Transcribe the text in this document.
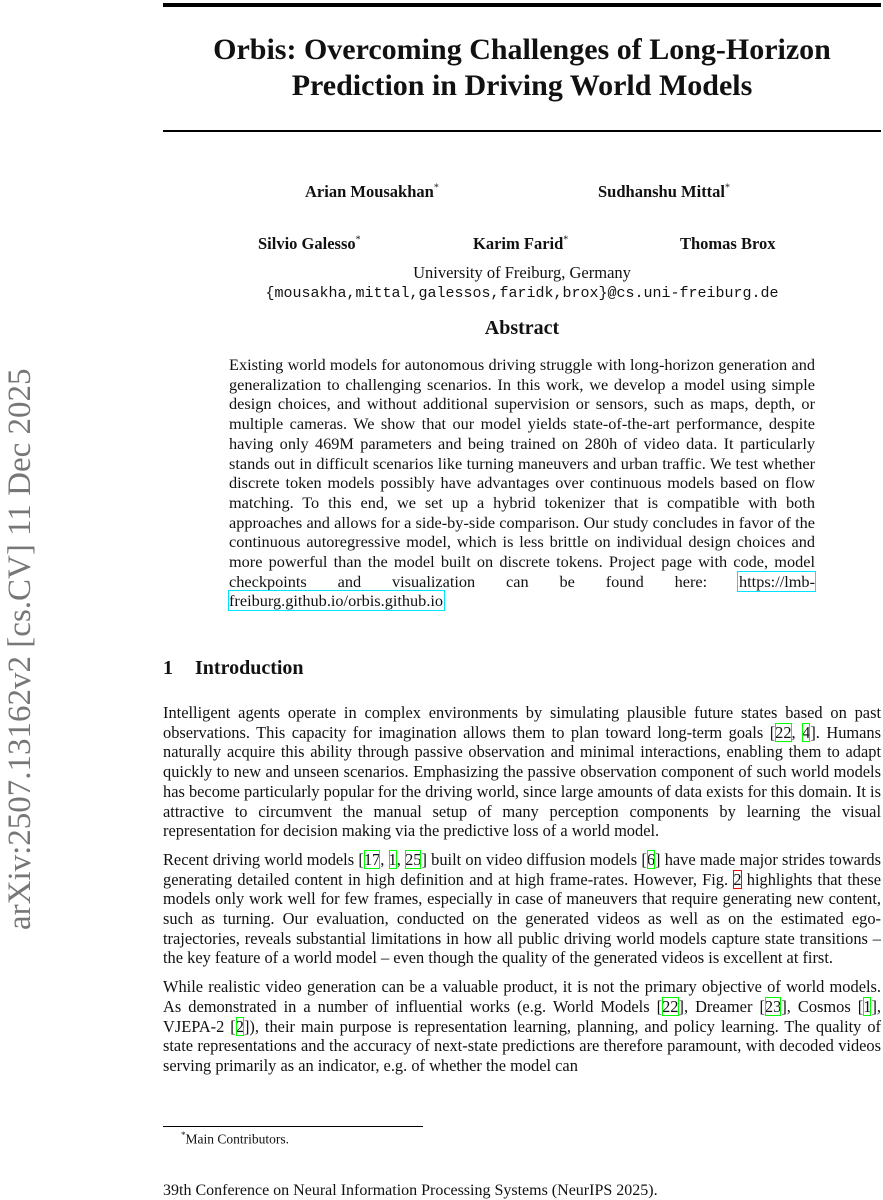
arXiv:2507.13162v2 [cs.CV] 11 Dec 2025
Orbis: Overcoming Challenges of Long-Horizon
Prediction in Driving World Models
Arian Mousakhan*	Sudhanshu Mittal*
Silvio Galesso*	Karim Farid*	Thomas Brox
University of Freiburg, Germany
{mousakha,mittal,galessos,faridk,brox}@cs.uni-freiburg.de
Abstract
Existing world models for autonomous driving struggle with long-horizon generation and generalization to challenging scenarios. In this work, we develop a model using simple design choices, and without additional supervision or sensors, such as maps, depth, or multiple cameras. We show that our model yields state-of-the-art performance, despite having only 469M parameters and being trained on 280h of video data. It particularly stands out in difficult scenarios like turning maneuvers and urban traffic. We test whether discrete token models possibly have advantages over continuous models based on flow matching. To this end, we set up a hybrid tokenizer that is compatible with both approaches and allows for a side-by-side comparison. Our study concludes in favor of the continuous autoregressive model, which is less brittle on individual design choices and more powerful than the model built on discrete tokens. Project page with code, model checkpoints and visualization can be found here: https://lmb-freiburg.github.io/orbis.github.io
1 Introduction

Intelligent agents operate in complex environments by simulating plausible future states based on past observations. This capacity for imagination allows them to plan toward long-term goals [22, 4]. Humans naturally acquire this ability through passive observation and minimal interactions, enabling them to adapt quickly to new and unseen scenarios. Emphasizing the passive observation component of such world models has become particularly popular for the driving world, since large amounts of data exists for this domain. It is attractive to circumvent the manual setup of many perception components by learning the visual representation for decision making via the predictive loss of a world model.

Recent driving world models [17, 1, 25] built on video diffusion models [6] have made major strides towards generating detailed content in high definition and at high frame-rates. However, Fig. 2 highlights that these models only work well for few frames, especially in case of maneuvers that require generating new content, such as turning. Our evaluation, conducted on the generated videos as well as on the estimated ego-trajectories, reveals substantial limitations in how all public driving world models capture state transitions – the key feature of a world model – even though the quality of the generated videos is excellent at first.

While realistic video generation can be a valuable product, it is not the primary objective of world models. As demonstrated in a number of influential works (e.g. World Models [22], Dreamer [23], Cosmos [1], VJEPA-2 [2]), their main purpose is representation learning, planning, and policy learning. The quality of state representations and the accuracy of next-state predictions are therefore paramount, with decoded videos serving primarily as an indicator, e.g. of whether the model can

*Main Contributors.
39th Conference on Neural Information Processing Systems (NeurIPS 2025).
